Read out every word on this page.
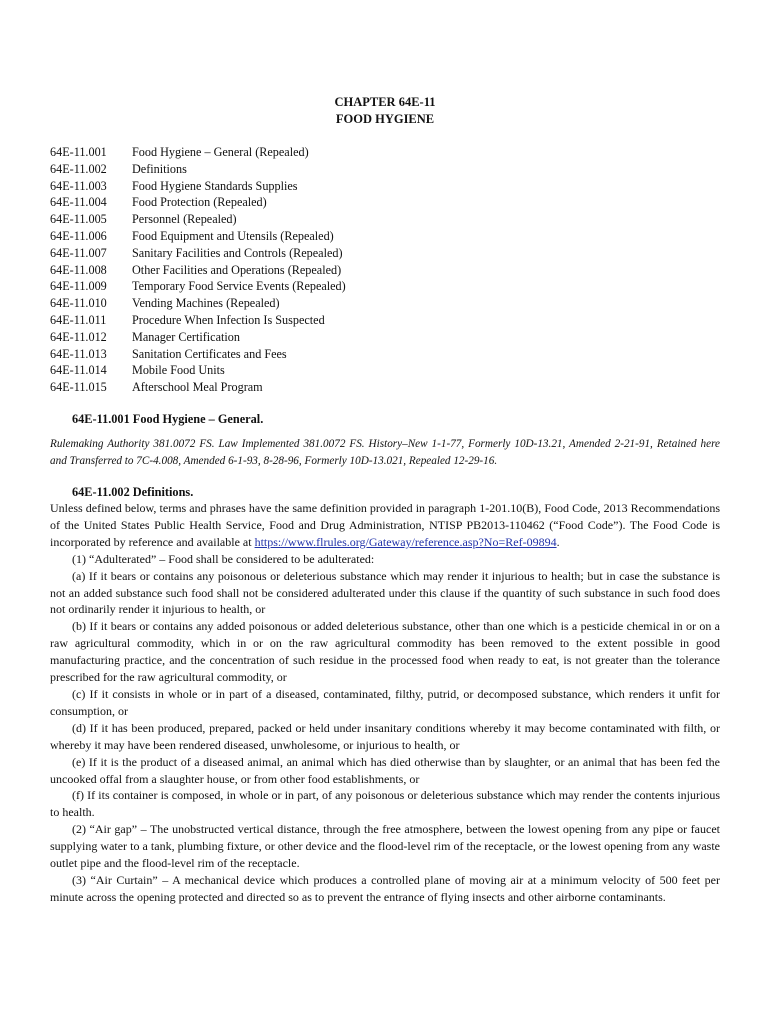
CHAPTER 64E-11
FOOD HYGIENE
64E-11.001 Food Hygiene – General (Repealed)
64E-11.002 Definitions
64E-11.003 Food Hygiene Standards Supplies
64E-11.004 Food Protection (Repealed)
64E-11.005 Personnel (Repealed)
64E-11.006 Food Equipment and Utensils (Repealed)
64E-11.007 Sanitary Facilities and Controls (Repealed)
64E-11.008 Other Facilities and Operations (Repealed)
64E-11.009 Temporary Food Service Events (Repealed)
64E-11.010 Vending Machines (Repealed)
64E-11.011 Procedure When Infection Is Suspected
64E-11.012 Manager Certification
64E-11.013 Sanitation Certificates and Fees
64E-11.014 Mobile Food Units
64E-11.015 Afterschool Meal Program
64E-11.001 Food Hygiene – General.
Rulemaking Authority 381.0072 FS. Law Implemented 381.0072 FS. History–New 1-1-77, Formerly 10D-13.21, Amended 2-21-91, Retained here and Transferred to 7C-4.008, Amended 6-1-93, 8-28-96, Formerly 10D-13.021, Repealed 12-29-16.
64E-11.002 Definitions.

Unless defined below, terms and phrases have the same definition provided in paragraph 1-201.10(B), Food Code, 2013 Recommendations of the United States Public Health Service, Food and Drug Administration, NTISP PB2013-110462 (“Food Code”). The Food Code is incorporated by reference and available at https://www.flrules.org/Gateway/reference.asp?No=Ref-09894.

(1) “Adulterated” – Food shall be considered to be adulterated:

(a) If it bears or contains any poisonous or deleterious substance which may render it injurious to health; but in case the substance is not an added substance such food shall not be considered adulterated under this clause if the quantity of such substance in such food does not ordinarily render it injurious to health, or

(b) If it bears or contains any added poisonous or added deleterious substance, other than one which is a pesticide chemical in or on a raw agricultural commodity, which in or on the raw agricultural commodity has been removed to the extent possible in good manufacturing practice, and the concentration of such residue in the processed food when ready to eat, is not greater than the tolerance prescribed for the raw agricultural commodity, or

(c) If it consists in whole or in part of a diseased, contaminated, filthy, putrid, or decomposed substance, which renders it unfit for consumption, or

(d) If it has been produced, prepared, packed or held under insanitary conditions whereby it may become contaminated with filth, or whereby it may have been rendered diseased, unwholesome, or injurious to health, or

(e) If it is the product of a diseased animal, an animal which has died otherwise than by slaughter, or an animal that has been fed the uncooked offal from a slaughter house, or from other food establishments, or

(f) If its container is composed, in whole or in part, of any poisonous or deleterious substance which may render the contents injurious to health.

(2) “Air gap” – The unobstructed vertical distance, through the free atmosphere, between the lowest opening from any pipe or faucet supplying water to a tank, plumbing fixture, or other device and the flood-level rim of the receptacle, or the lowest opening from any waste outlet pipe and the flood-level rim of the receptacle.

(3) “Air Curtain” – A mechanical device which produces a controlled plane of moving air at a minimum velocity of 500 feet per minute across the opening protected and directed so as to prevent the entrance of flying insects and other airborne contaminants.
